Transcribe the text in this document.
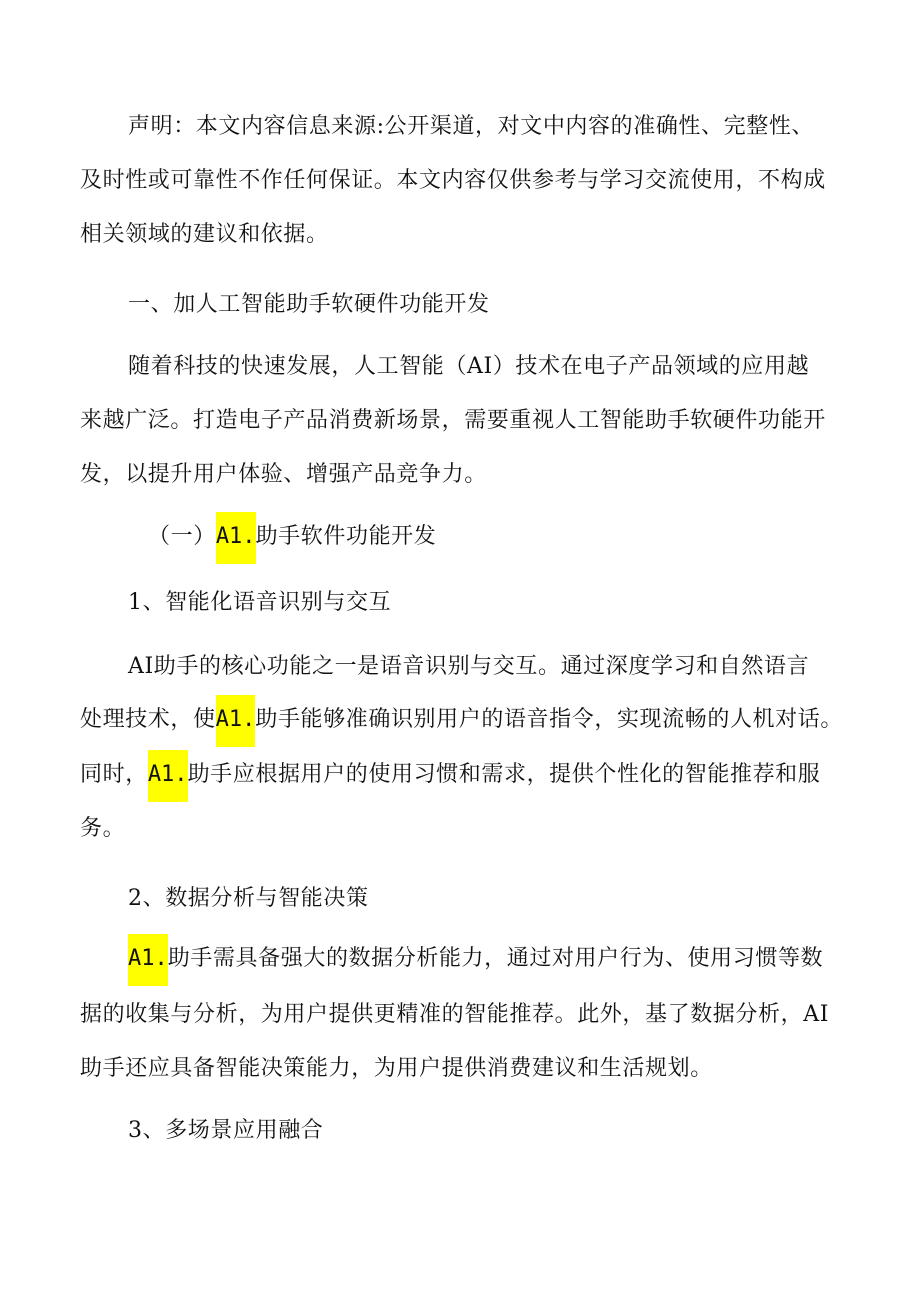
声明：本文内容信息来源:公开渠道，对文中内容的准确性、完整性、
及时性或可靠性不作任何保证。本文内容仅供参考与学习交流使用，不构成
相关领域的建议和依据。
一、加人工智能助手软硬件功能开发
随着科技的快速发展，人工智能（AI）技术在电子产品领域的应用越
来越广泛。打造电子产品消费新场景，需要重视人工智能助手软硬件功能开
发，以提升用户体验、增强产品竞争力。
（一）A1.助手软件功能开发
1、智能化语音识别与交互
AI助手的核心功能之一是语音识别与交互。通过深度学习和自然语言
处理技术，使A1.助手能够准确识别用户的语音指令，实现流畅的人机对话。
同时，A1.助手应根据用户的使用习惯和需求，提供个性化的智能推荐和服
务。
2、数据分析与智能决策
A1.助手需具备强大的数据分析能力，通过对用户行为、使用习惯等数
据的收集与分析，为用户提供更精准的智能推荐。此外，基了数据分析，AI
助手还应具备智能决策能力，为用户提供消费建议和生活规划。
3、多场景应用融合
